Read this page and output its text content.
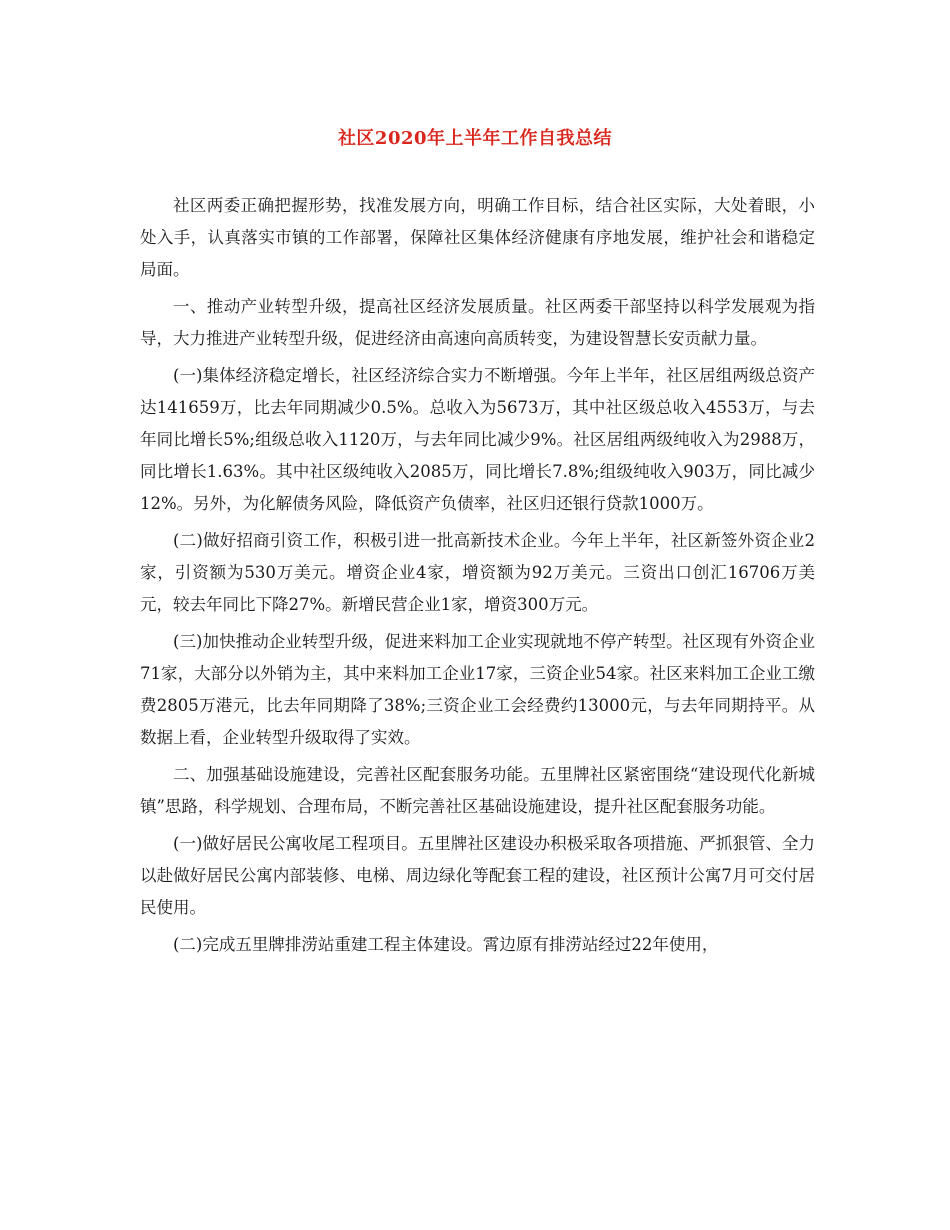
社区2020年上半年工作自我总结

社区两委正确把握形势，找准发展方向，明确工作目标，结合社区实际，大处着眼，小处入手，认真落实市镇的工作部署，保障社区集体经济健康有序地发展，维护社会和谐稳定局面。

一、推动产业转型升级，提高社区经济发展质量。社区两委干部坚持以科学发展观为指导，大力推进产业转型升级，促进经济由高速向高质转变，为建设智慧长安贡献力量。

(一)集体经济稳定增长，社区经济综合实力不断增强。今年上半年，社区居组两级总资产达141659万，比去年同期减少0.5%。总收入为5673万，其中社区级总收入4553万，与去年同比增长5%;组级总收入1120万，与去年同比减少9%。社区居组两级纯收入为2988万，同比增长1.63%。其中社区级纯收入2085万，同比增长7.8%;组级纯收入903万，同比减少12%。另外，为化解债务风险，降低资产负债率，社区归还银行贷款1000万。

(二)做好招商引资工作，积极引进一批高新技术企业。今年上半年，社区新签外资企业2家，引资额为530万美元。增资企业4家，增资额为92万美元。三资出口创汇16706万美元，较去年同比下降27%。新增民营企业1家，增资300万元。

(三)加快推动企业转型升级，促进来料加工企业实现就地不停产转型。社区现有外资企业71家，大部分以外销为主，其中来料加工企业17家，三资企业54家。社区来料加工企业工缴费2805万港元，比去年同期降了38%;三资企业工会经费约13000元，与去年同期持平。从数据上看，企业转型升级取得了实效。

二、加强基础设施建设，完善社区配套服务功能。五里牌社区紧密围绕“建设现代化新城镇”思路，科学规划、合理布局，不断完善社区基础设施建设，提升社区配套服务功能。

(一)做好居民公寓收尾工程项目。五里牌社区建设办积极采取各项措施、严抓狠管、全力以赴做好居民公寓内部装修、电梯、周边绿化等配套工程的建设，社区预计公寓7月可交付居民使用。

(二)完成五里牌排涝站重建工程主体建设。霄边原有排涝站经过22年使用，
